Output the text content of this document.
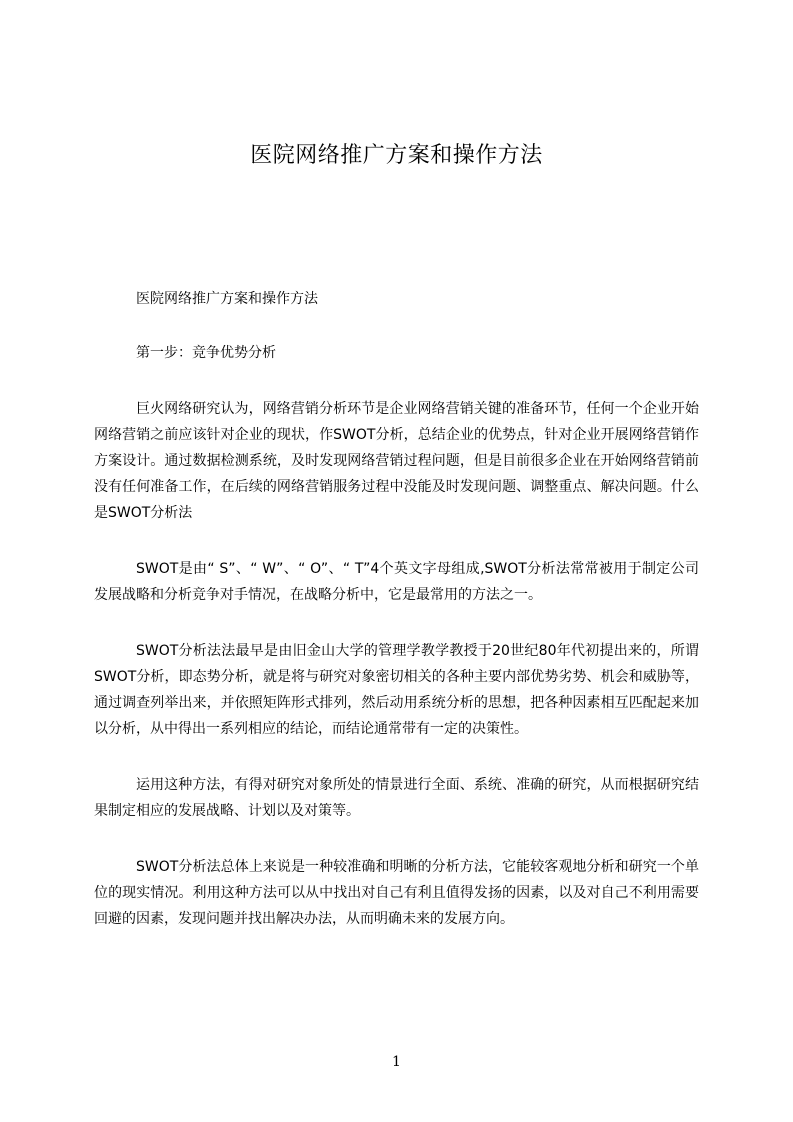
医院网络推广方案和操作方法

医院网络推广方案和操作方法

第一步：竞争优势分析

巨火网络研究认为，网络营销分析环节是企业网络营销关键的准备环节，任何一个企业开始网络营销之前应该针对企业的现状，作SWOT分析，总结企业的优势点，针对企业开展网络营销作方案设计。通过数据检测系统，及时发现网络营销过程问题，但是目前很多企业在开始网络营销前没有任何准备工作，在后续的网络营销服务过程中没能及时发现问题、调整重点、解决问题。什么是SWOT分析法

SWOT是由“ S”、“ W”、“ O”、“ T”4个英文字母组成,SWOT分析法常常被用于制定公司发展战略和分析竞争对手情况，在战略分析中，它是最常用的方法之一。

SWOT分析法法最早是由旧金山大学的管理学教学教授于20世纪80年代初提出来的，所谓SWOT分析，即态势分析，就是将与研究对象密切相关的各种主要内部优势劣势、机会和威胁等，通过调查列举出来，并依照矩阵形式排列，然后动用系统分析的思想，把各种因素相互匹配起来加以分析，从中得出一系列相应的结论，而结论通常带有一定的决策性。

运用这种方法，有得对研究对象所处的情景进行全面、系统、准确的研究，从而根据研究结果制定相应的发展战略、计划以及对策等。

SWOT分析法总体上来说是一种较准确和明晰的分析方法，它能较客观地分析和研究一个单位的现实情况。利用这种方法可以从中找出对自己有利且值得发扬的因素，以及对自己不利用需要回避的因素，发现问题并找出解决办法，从而明确未来的发展方向。

1
